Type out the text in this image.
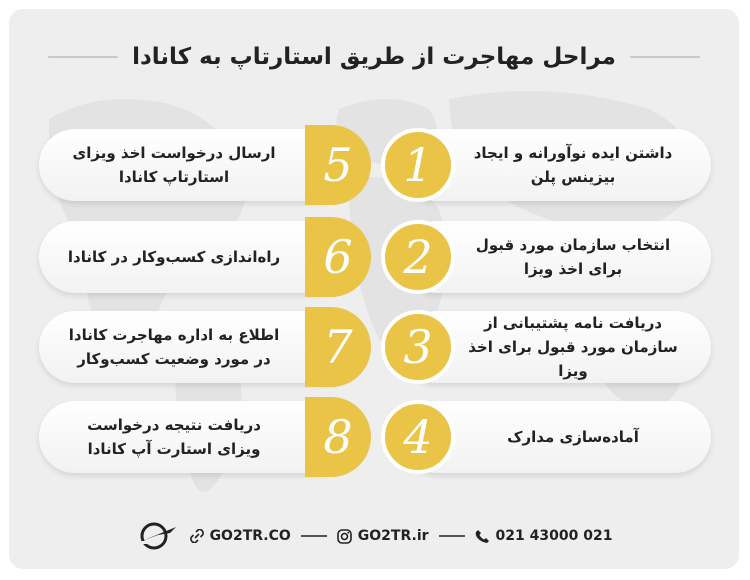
مراحل مهاجرت از طریق استارتاپ به کانادا
داشتن ایده نوآورانه و ایجاد
بیزینس پلن
1
انتخاب سازمان مورد قبول
برای اخذ ویزا
2
دریافت نامه پشتیبانی از
سازمان مورد قبول برای اخذ ویزا
3
آماده‌سازی مدارک
4
ارسال درخواست اخذ ویزای
استارتاپ کانادا	5
راه‌اندازی کسب‌وکار در کانادا 6
اطلاع به اداره مهاجرت کانادا
در مورد وضعیت کسب‌وکار	7
دریافت نتیجه درخواست
ویزای استارت آپ کانادا	8
GO2TR.CO	GO2TR.ir	021 43000 021
